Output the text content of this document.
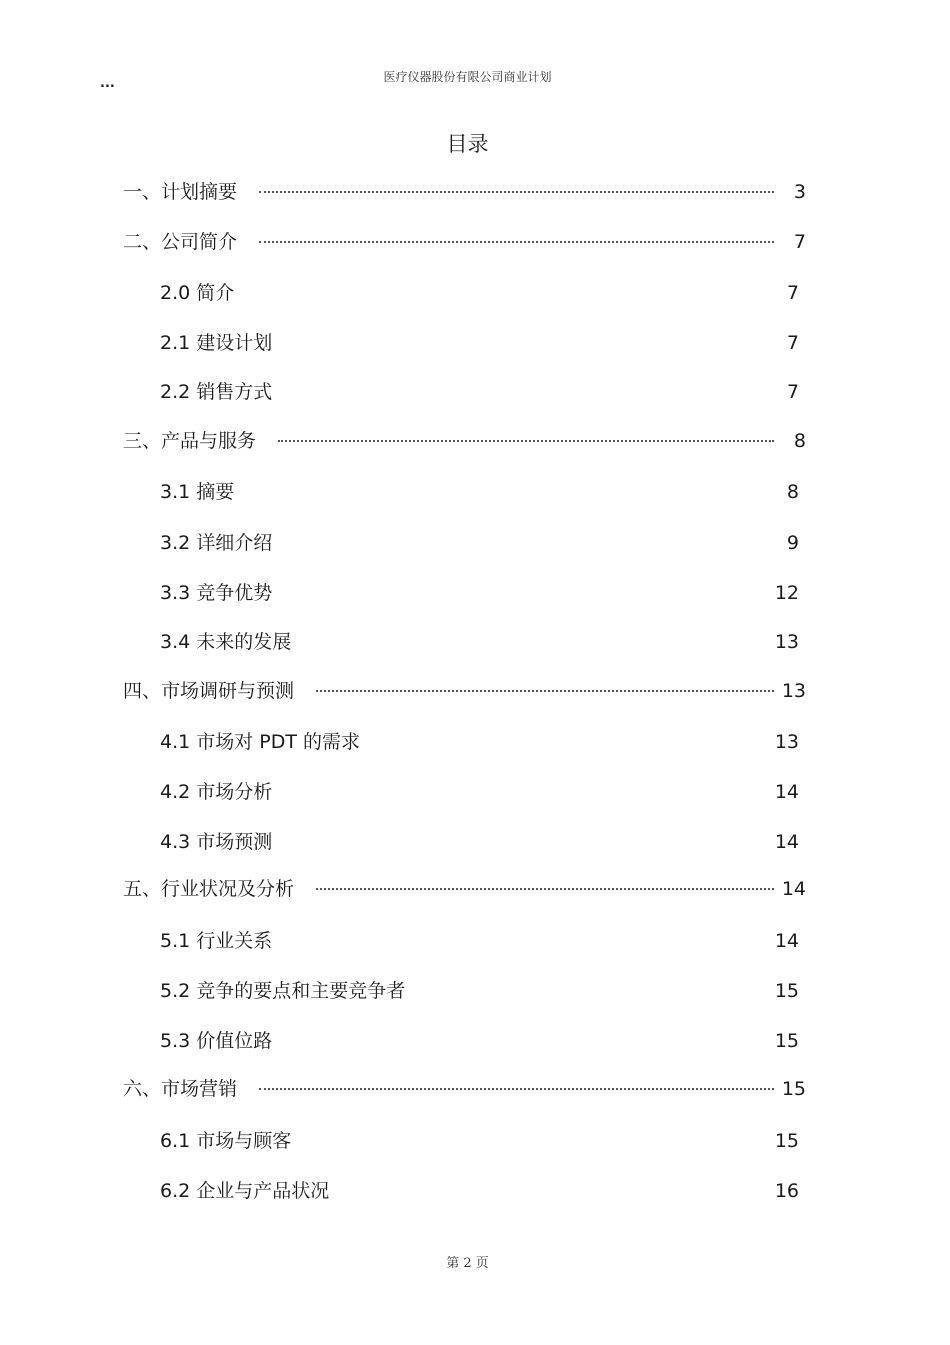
医疗仪器股份有限公司商业计划
...
目录
一、计划摘要	3
二、公司简介	7
2.0 简介	7
2.1 建设计划	7
2.2 销售方式	7
三、产品与服务	8
3.1 摘要	8
3.2 详细介绍	9
3.3 竞争优势	12
3.4 未来的发展	13
四、市场调研与预测	13
4.1 市场对 PDT 的需求	13
4.2 市场分析	14
4.3 市场预测	14
五、行业状况及分析	14
5.1 行业关系	14
5.2 竞争的要点和主要竞争者	15
5.3 价值位路	15
六、市场营销	15
6.1 市场与顾客	15
6.2 企业与产品状况	16
第 2 页
